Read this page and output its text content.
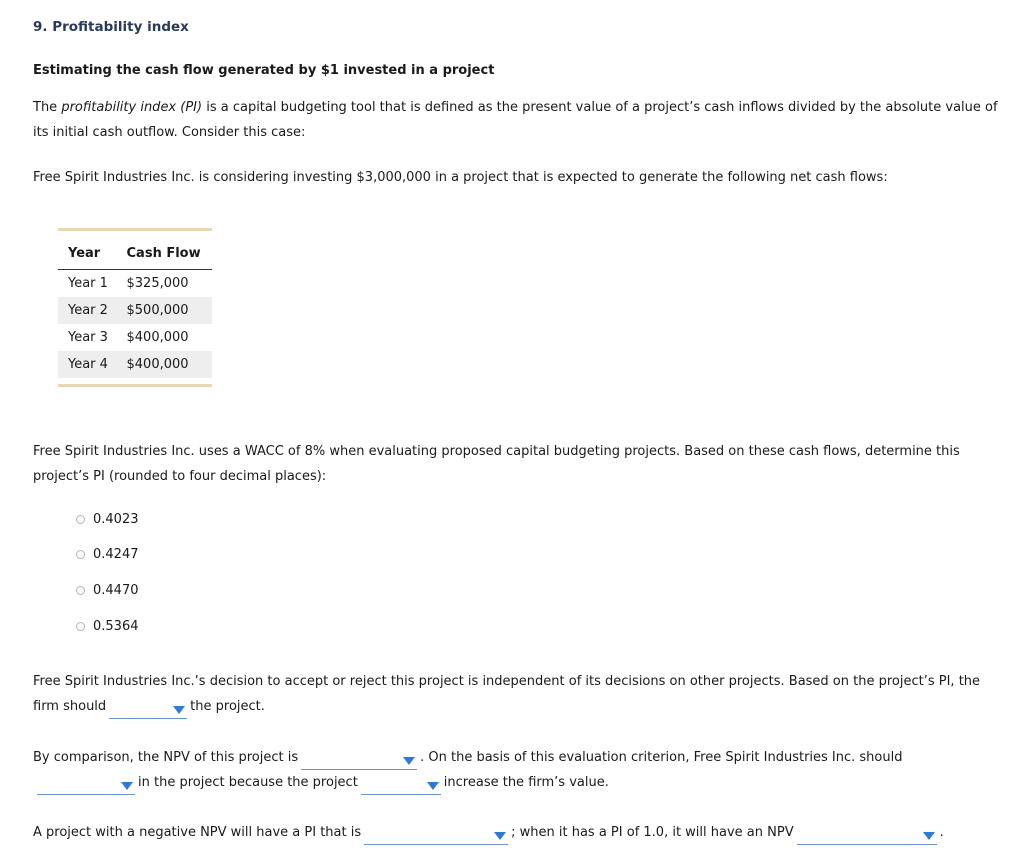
9. Profitability index
Estimating the cash flow generated by $1 invested in a project
The profitability index (PI) is a capital budgeting tool that is defined as the present value of a project’s cash inflows divided by the absolute value of its initial cash outflow. Consider this case:
Free Spirit Industries Inc. is considering investing $3,000,000 in a project that is expected to generate the following net cash flows:
Year	Cash Flow
Year 1	$325,000
Year 2	$500,000
Year 3	$400,000
Year 4	$400,000
Free Spirit Industries Inc. uses a WACC of 8% when evaluating proposed capital budgeting projects. Based on these cash flows, determine this project’s PI (rounded to four decimal places):
0.4023
0.4247
0.4470
0.5364
Free Spirit Industries Inc.’s decision to accept or reject this project is independent of its decisions on other projects. Based on the project’s PI, the firm should	the project.
By comparison, the NPV of this project is	. On the basis of this evaluation criterion, Free Spirit Industries Inc. should

in the project because the project	increase the firm’s value.
A project with a negative NPV will have a PI that is	; when it has a PI of 1.0, it will have an NPV	.
